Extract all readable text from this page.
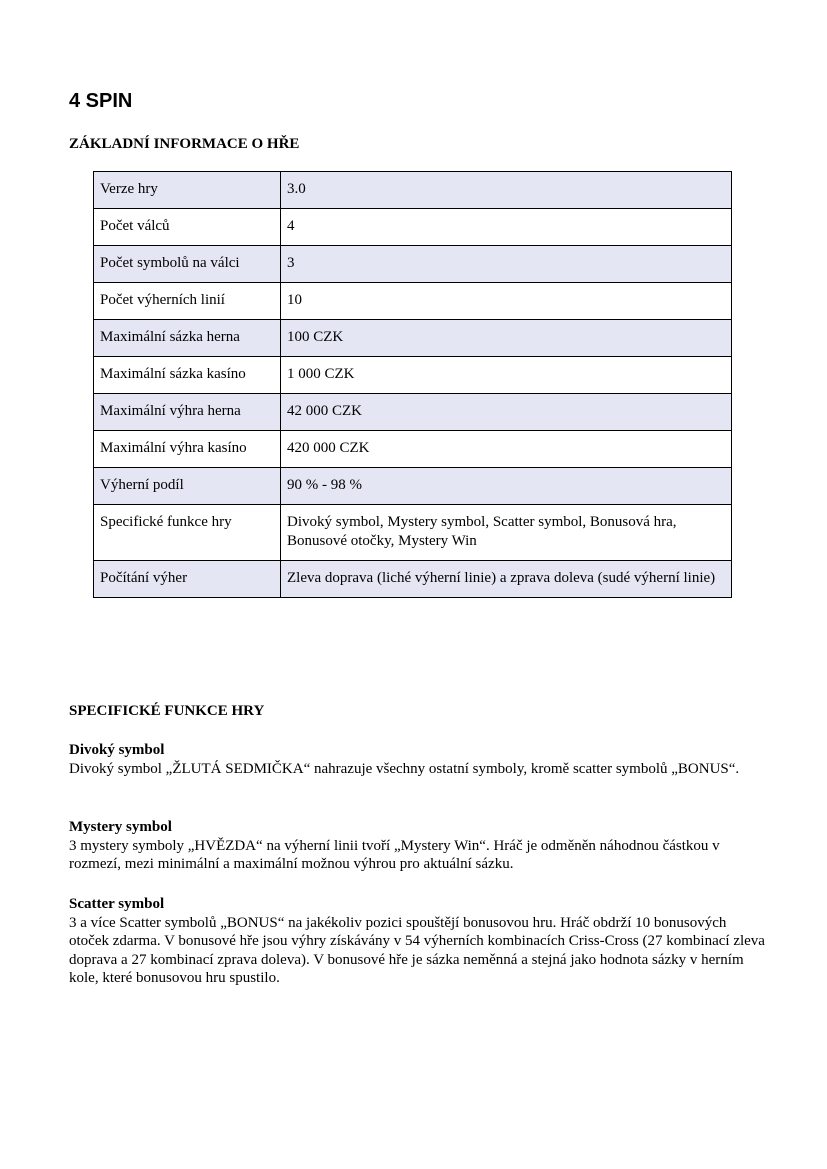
4 SPIN
ZÁKLADNÍ INFORMACE O HŘE
Verze hry	3.0
Počet válců	4
Počet symbolů na válci	3
Počet výherních linií	10
Maximální sázka herna	100 CZK
Maximální sázka kasíno	1 000 CZK
Maximální výhra herna	42 000 CZK
Maximální výhra kasíno	420 000 CZK
Výherní podíl	90 % - 98 %
Specifické funkce hry	Divoký symbol, Mystery symbol, Scatter symbol, Bonusová hra, Bonusové otočky, Mystery Win
Počítání výher	Zleva doprava (liché výherní linie) a zprava doleva (sudé výherní linie)
SPECIFICKÉ FUNKCE HRY
Divoký symbol

Divoký symbol „ŽLUTÁ SEDMIČKA“ nahrazuje všechny ostatní symboly, kromě scatter symbolů „BONUS“.

Mystery symbol

3 mystery symboly „HVĚZDA“ na výherní linii tvoří „Mystery Win“. Hráč je odměněn náhodnou částkou v rozmezí, mezi minimální a maximální možnou výhrou pro aktuální sázku.

Scatter symbol

3 a více Scatter symbolů „BONUS“ na jakékoliv pozici spouštějí bonusovou hru. Hráč obdrží 10 bonusových otoček zdarma. V bonusové hře jsou výhry získávány v 54 výherních kombinacích Criss-Cross (27 kombinací zleva doprava a 27 kombinací zprava doleva). V bonusové hře je sázka neměnná a stejná jako hodnota sázky v herním kole, které bonusovou hru spustilo.
